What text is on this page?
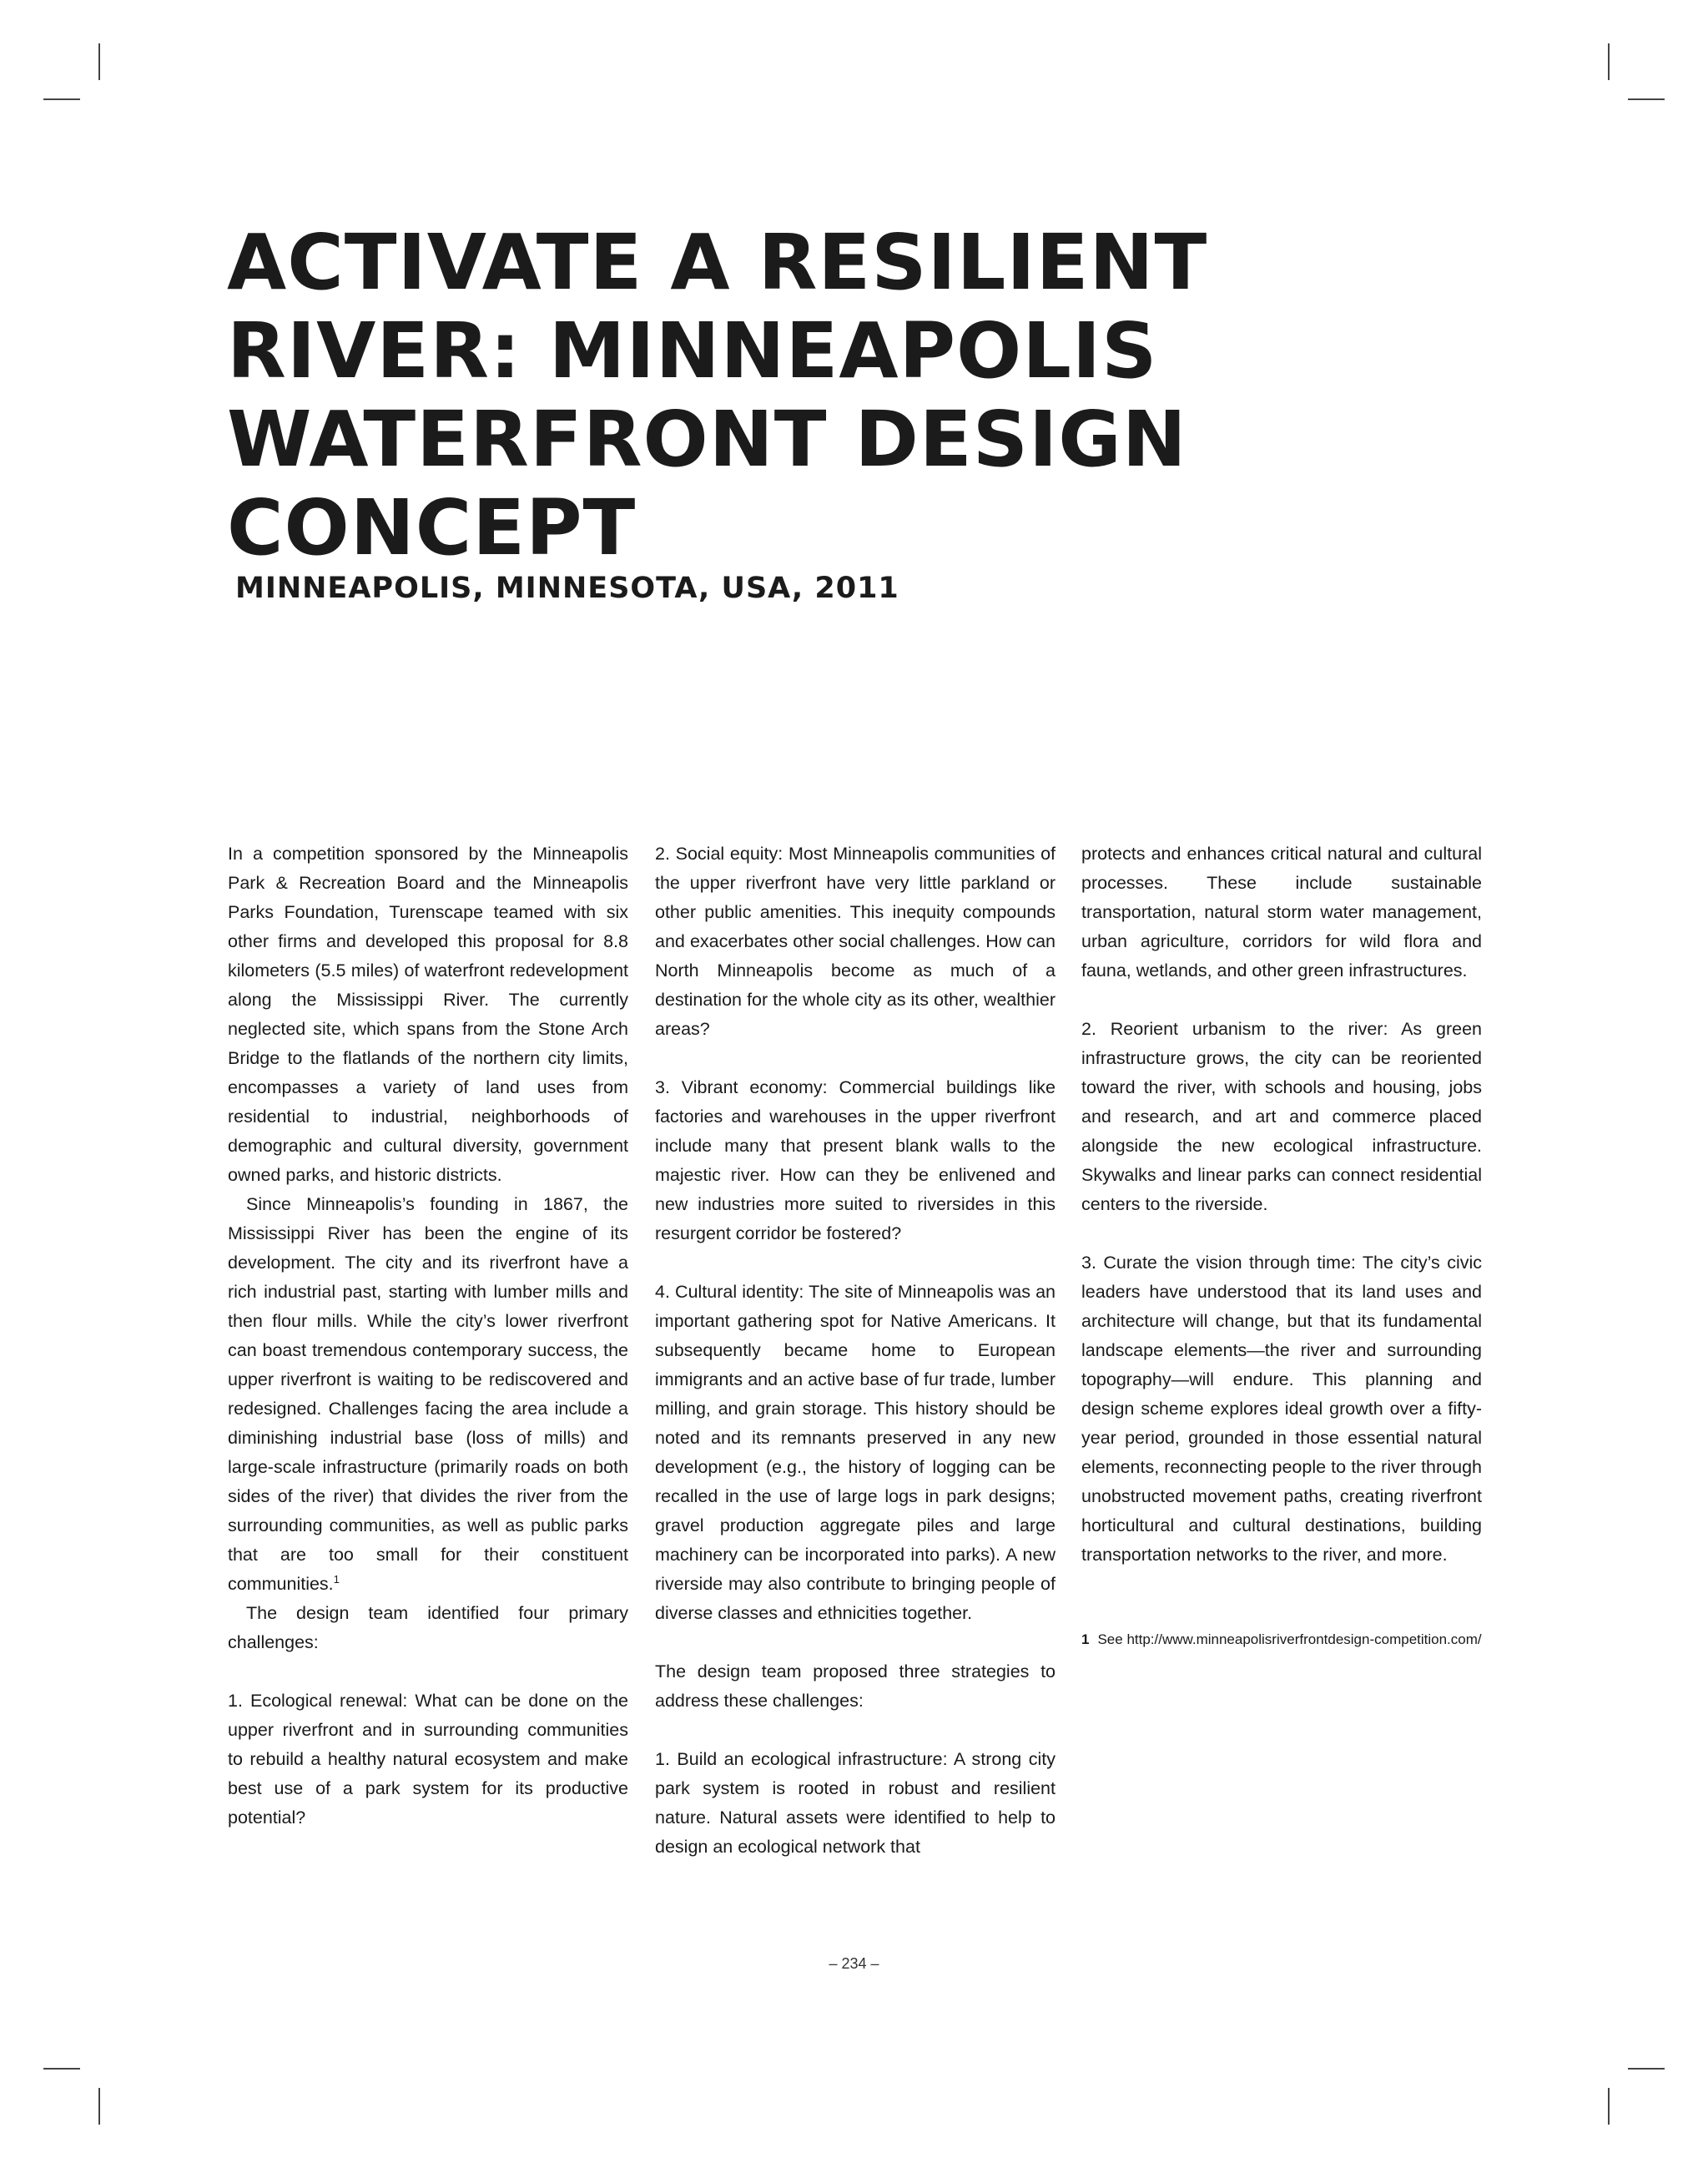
ACTIVATE A RESILIENT
RIVER: MINNEAPOLIS
WATERFRONT DESIGN
CONCEPT
MINNEAPOLIS, MINNESOTA, USA, 2011

In a competition sponsored by the Minneapolis Park & Recreation Board and the Minneapolis Parks Foundation, Turenscape teamed with six other firms and developed this proposal for 8.8 kilometers (5.5 miles) of waterfront redevelopment along the Mississippi River. The currently neglected site, which spans from the Stone Arch Bridge to the flatlands of the northern city limits, encompasses a variety of land uses from residential to industrial, neighborhoods of demographic and cultural diversity, government owned parks, and historic districts.

Since Minneapolis’s founding in 1867, the Mississippi River has been the engine of its development. The city and its riverfront have a rich industrial past, starting with lumber mills and then flour mills. While the city’s lower riverfront can boast tremendous contemporary success, the upper riverfront is waiting to be rediscovered and redesigned. Challenges facing the area include a diminishing industrial base (loss of mills) and large-scale infrastructure (primarily roads on both sides of the river) that divides the river from the surrounding communities, as well as public parks that are too small for their constituent communities.$^1$

The design team identified four primary challenges:

1. Ecological renewal: What can be done on the upper riverfront and in surrounding communities to rebuild a healthy natural ecosystem and make best use of a park system for its productive potential?

2. Social equity: Most Minneapolis communities of the upper riverfront have very little parkland or other public amenities. This inequity compounds and exacerbates other social challenges. How can North Minneapolis become as much of a destination for the whole city as its other, wealthier areas?

3. Vibrant economy: Commercial buildings like factories and warehouses in the upper riverfront include many that present blank walls to the majestic river. How can they be enlivened and new industries more suited to riversides in this resurgent corridor be fostered?

4. Cultural identity: The site of Minneapolis was an important gathering spot for Native Americans. It subsequently became home to European immigrants and an active base of fur trade, lumber milling, and grain storage. This history should be noted and its remnants preserved in any new development (e.g., the history of logging can be recalled in the use of large logs in park designs; gravel production aggregate piles and large machinery can be incorporated into parks). A new riverside may also contribute to bringing people of diverse classes and ethnicities together.

The design team proposed three strategies to address these challenges:

1. Build an ecological infrastructure: A strong city park system is rooted in robust and resilient nature. Natural assets were identified to help to design an ecological network that

protects and enhances critical natural and cultural processes. These include sustainable transportation, natural storm water management, urban agriculture, corridors for wild flora and fauna, wetlands, and other green infrastructures.

2. Reorient urbanism to the river: As green infrastructure grows, the city can be reoriented toward the river, with schools and housing, jobs and research, and art and commerce placed alongside the new ecological infrastructure. Skywalks and linear parks can connect residential centers to the riverside.

3. Curate the vision through time: The city’s civic leaders have understood that its land uses and architecture will change, but that its fundamental landscape elements—the river and surrounding topography—will endure. This planning and design scheme explores ideal growth over a fifty-year period, grounded in those essential natural elements, reconnecting people to the river through unobstructed movement paths, creating riverfront horticultural and cultural destinations, building transportation networks to the river, and more.

1 See http://www.minneapolisriverfrontdesign-competition.com/
– 234 –
